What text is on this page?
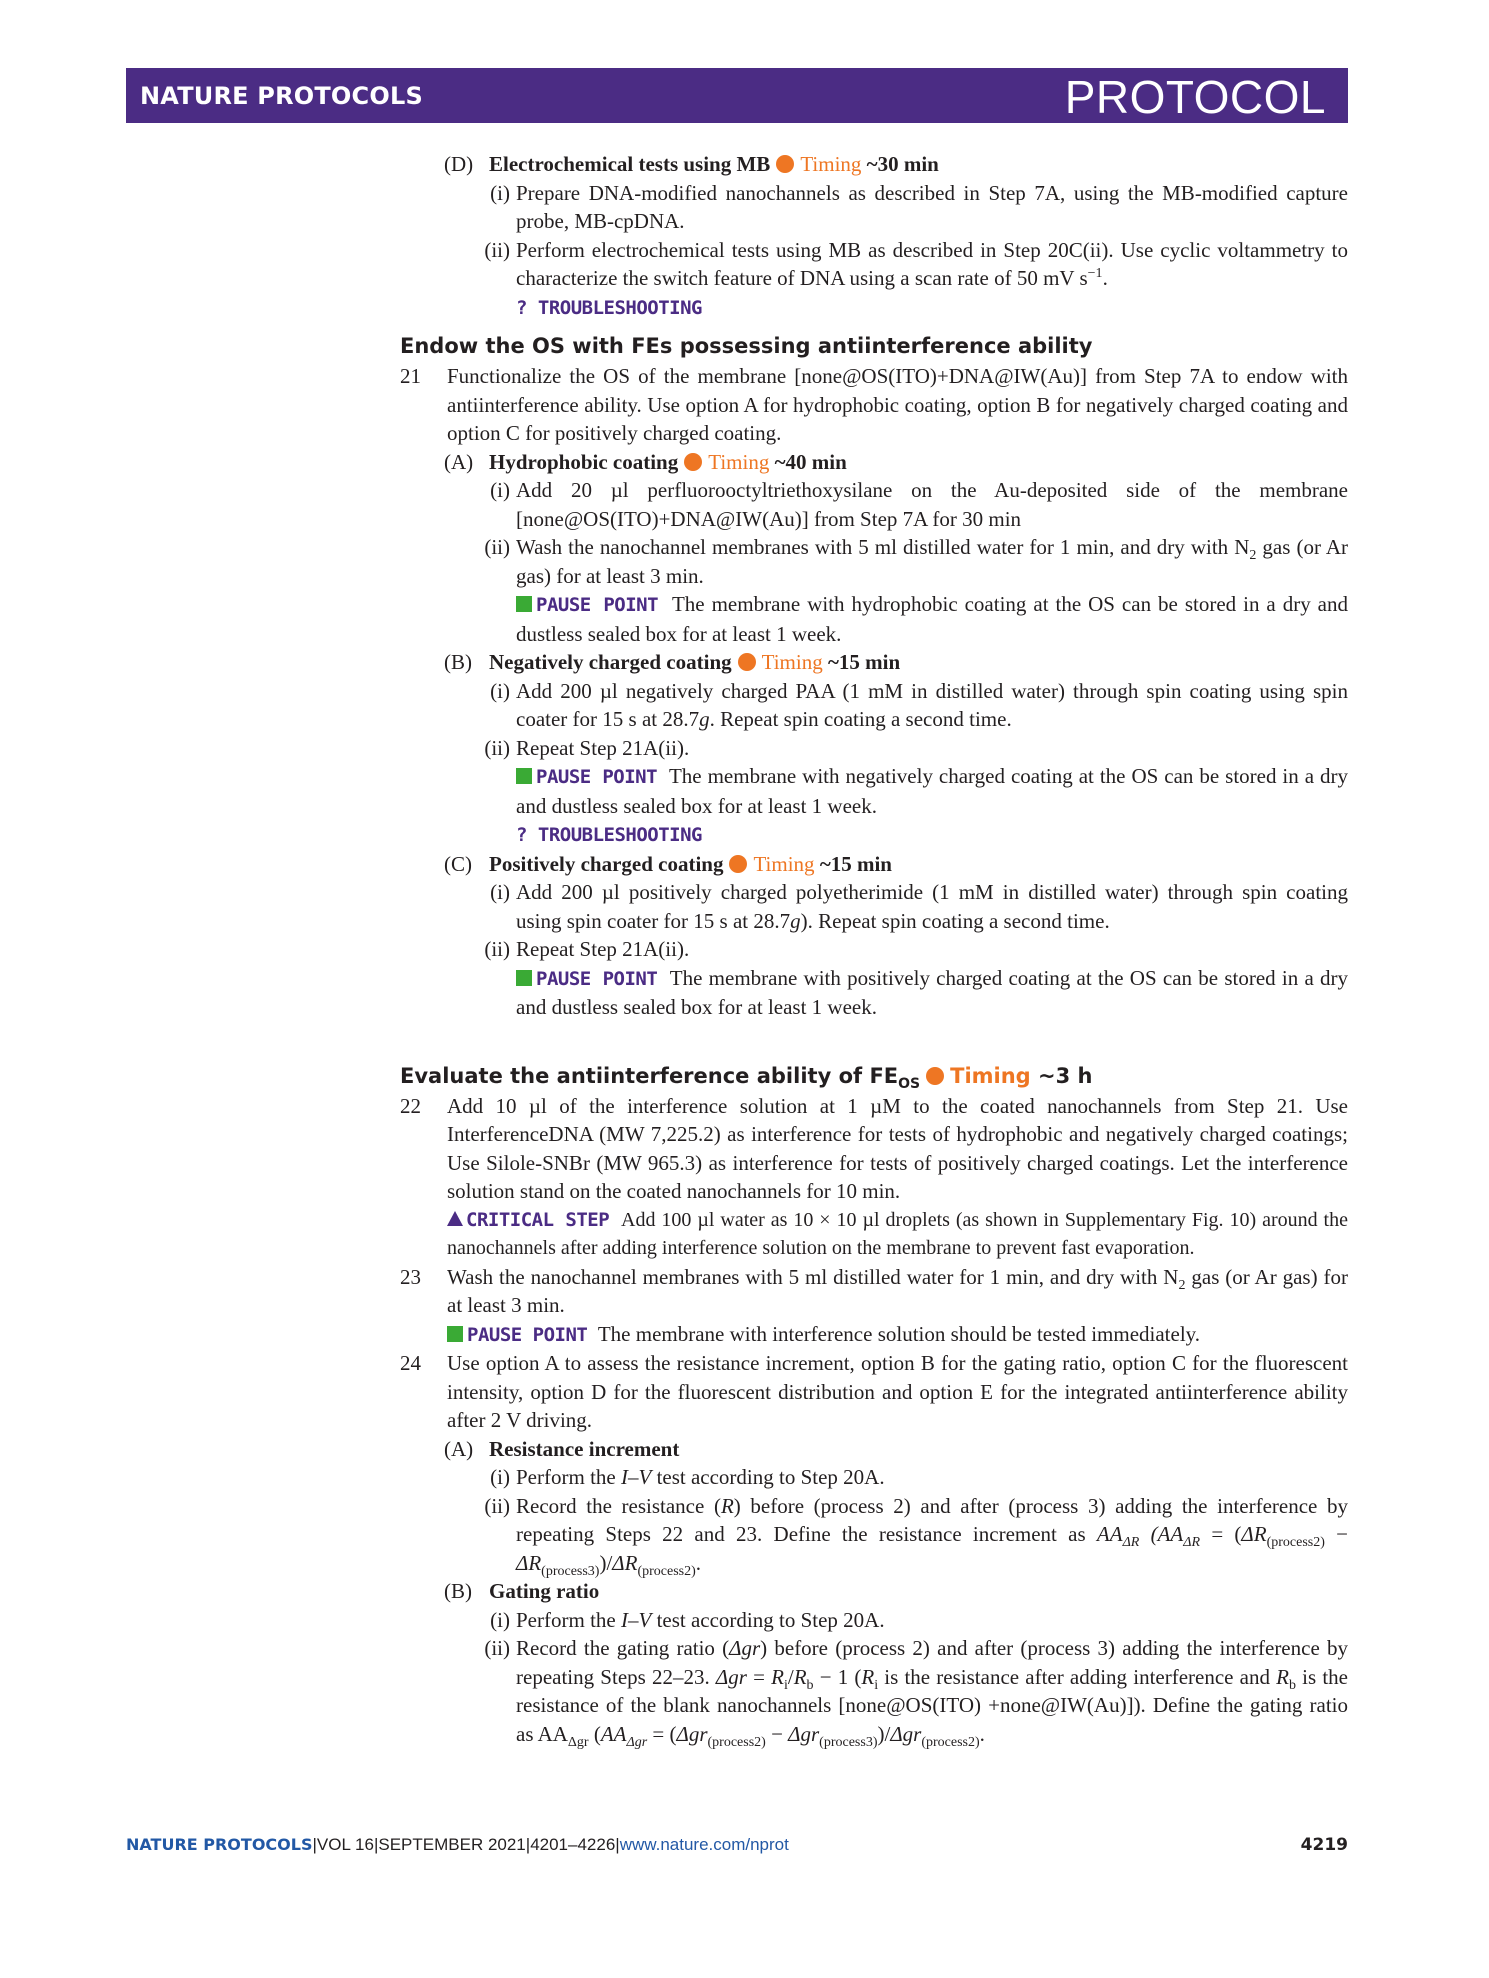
NATURE PROTOCOLS	PROTOCOL
(D) Electrochemical tests using MB Timing ~30 min
(i) Prepare DNA-modified nanochannels as described in Step 7A, using the MB-modified capture probe, MB-cpDNA.
(ii) Perform electrochemical tests using MB as described in Step 20C(ii). Use cyclic voltammetry to characterize the switch feature of DNA using a scan rate of 50 mV $s^{-1}$.
? TROUBLESHOOTING
Endow the OS with FEs possessing antiinterference ability
21 Functionalize the OS of the membrane [none@OS(ITO)+DNA@IW(Au)] from Step 7A to endow with antiinterference ability. Use option A for hydrophobic coating, option B for negatively charged coating and option C for positively charged coating.
(A) Hydrophobic coating Timing ~40 min
(i) Add 20 µl perfluorooctyltriethoxysilane on the Au-deposited side of the membrane [none@OS(ITO)+DNA@IW(Au)] from Step 7A for 30 min
(ii) Wash the nanochannel membranes with 5 ml distilled water for 1 min, and dry with $N_2$ gas (or Ar gas) for at least 3 min.
PAUSE POINT The membrane with hydrophobic coating at the OS can be stored in a dry and dustless sealed box for at least 1 week.
(B) Negatively charged coating Timing ~15 min
(i) Add 200 µl negatively charged PAA (1 mM in distilled water) through spin coating using spin coater for 15 s at 28.7g. Repeat spin coating a second time.
(ii) Repeat Step 21A(ii).
PAUSE POINT The membrane with negatively charged coating at the OS can be stored in a dry and dustless sealed box for at least 1 week.
? TROUBLESHOOTING
(C) Positively charged coating Timing ~15 min
(i) Add 200 µl positively charged polyetherimide (1 mM in distilled water) through spin coating using spin coater for 15 s at 28.7g). Repeat spin coating a second time.
(ii) Repeat Step 21A(ii).
PAUSE POINT The membrane with positively charged coating at the OS can be stored in a dry and dustless sealed box for at least 1 week.
Evaluate the antiinterference ability of $FE_{OS}$ Timing ~3 h
22 Add 10 µl of the interference solution at 1 µM to the coated nanochannels from Step 21. Use InterferenceDNA (MW 7,225.2) as interference for tests of hydrophobic and negatively charged coatings; Use Silole-SNBr (MW 965.3) as interference for tests of positively charged coatings. Let the interference solution stand on the coated nanochannels for 10 min.
CRITICAL STEP Add 100 µl water as 10 × 10 µl droplets (as shown in Supplementary Fig. 10) around the nanochannels after adding interference solution on the membrane to prevent fast evaporation.
23 Wash the nanochannel membranes with 5 ml distilled water for 1 min, and dry with $N_2$ gas (or Ar gas) for at least 3 min.
PAUSE POINT The membrane with interference solution should be tested immediately.
24 Use option A to assess the resistance increment, option B for the gating ratio, option C for the fluorescent intensity, option D for the fluorescent distribution and option E for the integrated antiinterference ability after 2 V driving.
(A) Resistance increment
(i) Perform the I–V test according to Step 20A.
(ii) Record the resistance (R) before (process 2) and after (process 3) adding the interference by repeating Steps 22 and 23. Define the resistance increment as $AA_{\Delta R}$ ($AA_{\Delta R} = (\Delta R_{(process2)} - \Delta R_{(process3)})/\Delta R_{(process2)}$.
(B) Gating ratio
(i) Perform the I–V test according to Step 20A.
(ii) Record the gating ratio (Δgr) before (process 2) and after (process 3) adding the interference by repeating Steps 22–23. $\Delta gr = R_i/R_b - 1$ ($R_i$ is the resistance after adding interference and $R_b$ is the resistance of the blank nanochannels [none@OS(ITO) +none@IW(Au)]). Define the gating ratio as $AA_{\Delta gr}$ ($AA_{\Delta gr} = (\Delta gr_{(process2)} - \Delta gr_{(process3)})/\Delta gr_{(process2)}$.
NATURE PROTOCOLS|VOL 16|SEPTEMBER 2021|4201–4226|www.nature.com/nprot	4219
